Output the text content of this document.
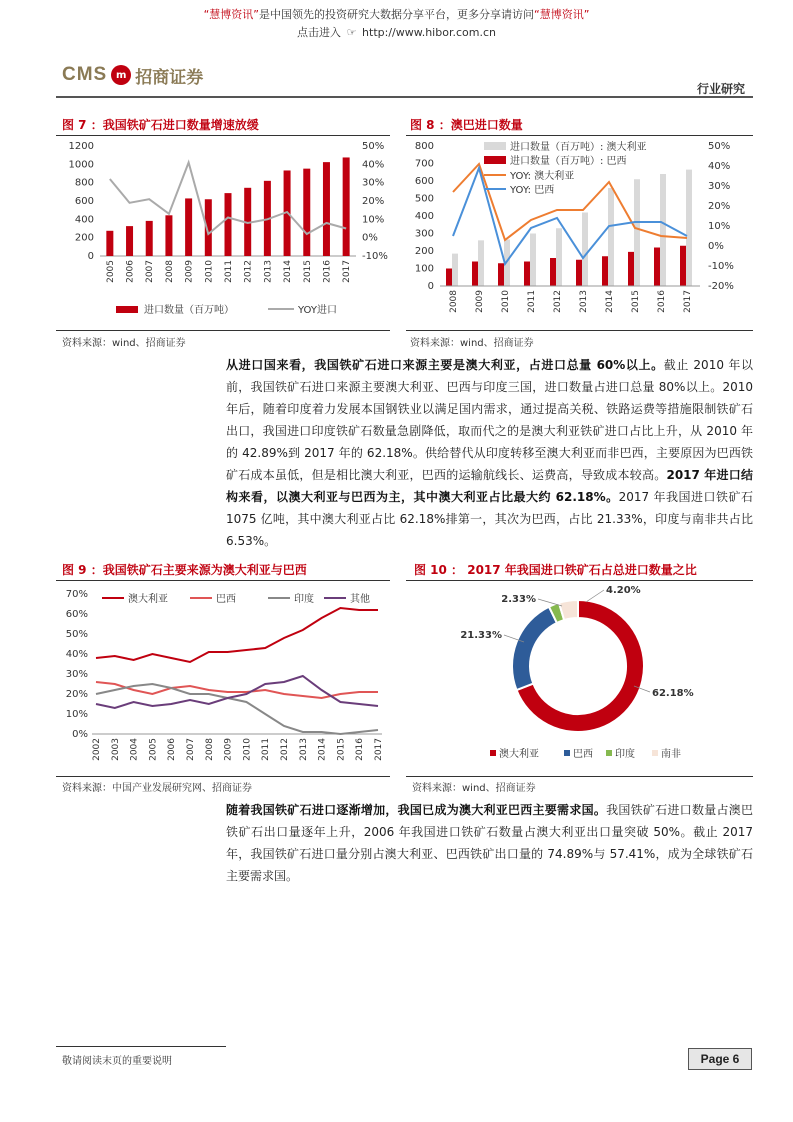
“慧博资讯”是中国领先的投资研究大数据分享平台，更多分享请访问“慧博资讯”
点击进入 ☞ http://www.hibor.com.cn
CMS m 招商证券
行业研究
图 7 ：我国铁矿石进口数量增速放缓
0
200
400
600
800
1000
1200
-10%
0%
10%
20%
30%
40%
50%
2005 2006 2007 2008 2009 2010 2011 2012 2013 2014 2015 2016 2017
进口数量（百万吨）	YOY进口
资料来源：wind、招商证券
图 8 ：澳巴进口数量
0
100
200
300
400
500
600
700
800
-20%
-10%
0%
10%
20%
30%
40%
50%
2008 2009 2010 2011 2012 2013 2014 2015 2016 2017
进口数量（百万吨）: 澳大利亚
进口数量（百万吨）: 巴西
YOY: 澳大利亚
YOY: 巴西
资料来源：wind、招商证券
从进口国来看，我国铁矿石进口来源主要是澳大利亚，占进口总量 60%以上。截止 2010 年以前，我国铁矿石进口来源主要澳大利亚、巴西与印度三国，进口数量占进口总量 80%以上。2010 年后，随着印度着力发展本国钢铁业以满足国内需求，通过提高关税、铁路运费等措施限制铁矿石出口，我国进口印度铁矿石数量急剧降低，取而代之的是澳大利亚铁矿进口占比上升，从 2010 年的 42.89%到 2017 年的 62.18%。供给替代从印度转移至澳大利亚而非巴西，主要原因为巴西铁矿石成本虽低，但是相比澳大利亚，巴西的运输航线长、运费高，导致成本较高。2017 年进口结构来看，以澳大利亚与巴西为主，其中澳大利亚占比最大约 62.18%。2017 年我国进口铁矿石 1075 亿吨，其中澳大利亚占比 62.18%排第一，其次为巴西，占比 21.33%，印度与南非共占比 6.53%。
图 9 ：我国铁矿石主要来源为澳大利亚与巴西
0%
10%
20%
30%
40%
50%
60%
70%
2002 2003 2004 2005 2006 2007 2008 2009 2010 2011 2012 2013 2014 2015 2016 2017
澳大利亚	巴西	印度	其他
资料来源：中国产业发展研究网、招商证券
图 10 ： 2017 年我国进口铁矿石占总进口数量之比
62.18%
21.33%
2.33%
4.20%
澳大利亚	巴西 印度	南非
资料来源：wind、招商证券
随着我国铁矿石进口逐渐增加，我国已成为澳大利亚巴西主要需求国。我国铁矿石进口数量占澳巴铁矿石出口量逐年上升，2006 年我国进口铁矿石数量占澳大利亚出口量突破 50%。截止 2017 年，我国铁矿石进口量分别占澳大利亚、巴西铁矿出口量的 74.89%与 57.41%，成为全球铁矿石主要需求国。
敬请阅读末页的重要说明	Page 6
